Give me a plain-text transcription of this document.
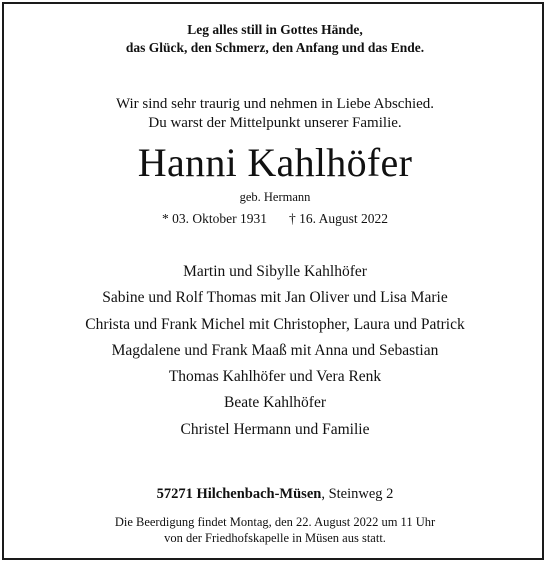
Leg alles still in Gottes Hände,
das Glück, den Schmerz, den Anfang und das Ende.
Wir sind sehr traurig und nehmen in Liebe Abschied.
Du warst der Mittelpunkt unserer Familie.
Hanni Kahlhöfer
geb. Hermann
* 03. Oktober 1931 † 16. August 2022
Martin und Sibylle Kahlhöfer
Sabine und Rolf Thomas mit Jan Oliver und Lisa Marie
Christa und Frank Michel mit Christopher, Laura und Patrick
Magdalene und Frank Maaß mit Anna und Sebastian
Thomas Kahlhöfer und Vera Renk
Beate Kahlhöfer
Christel Hermann und Familie
57271 Hilchenbach-Müsen, Steinweg 2
Die Beerdigung findet Montag, den 22. August 2022 um 11 Uhr
von der Friedhofskapelle in Müsen aus statt.
